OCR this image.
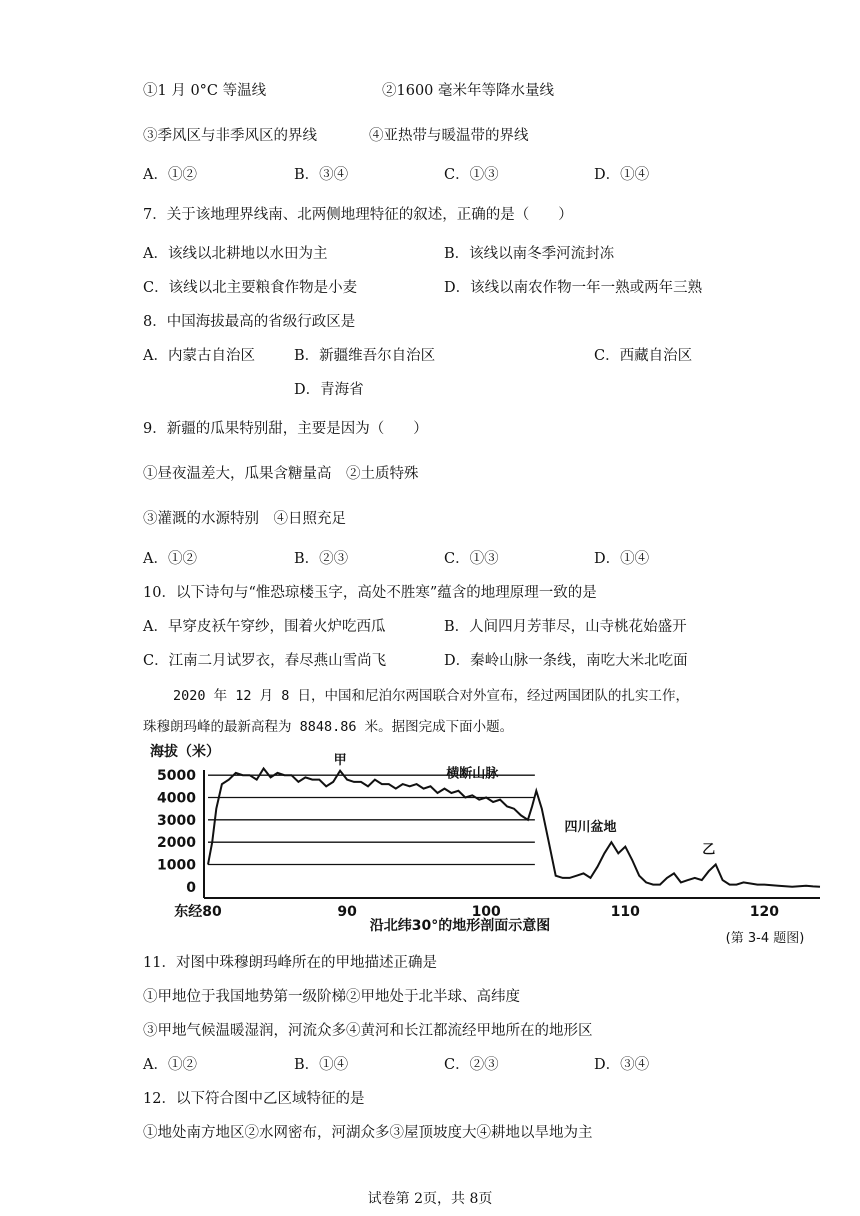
①1 月 0°C 等温线	②1600 毫米年等降水量线
③季风区与非季风区的界线	④亚热带与暖温带的界线
A．①②	B．③④	C．①③	D．①④
7．关于该地理界线南、北两侧地理特征的叙述，正确的是（　　）
A．该线以北耕地以水田为主	B．该线以南冬季河流封冻
C．该线以北主要粮食作物是小麦	D．该线以南农作物一年一熟或两年三熟
8．中国海拔最高的省级行政区是
A．内蒙古自治区	B．新疆维吾尔自治区	C．西藏自治区
D．青海省
9．新疆的瓜果特别甜，主要是因为（　　）
①昼夜温差大，瓜果含糖量高　②土质特殊
③灌溉的水源特别　④日照充足
A．①②	B．②③	C．①③	D．①④
10．以下诗句与“惟恐琼楼玉字，高处不胜寒”蕴含的地理原理一致的是
A．早穿皮袄午穿纱，围着火炉吃西瓜	B．人间四月芳菲尽，山寺桃花始盛开
C．江南二月试罗衣，春尽燕山雪尚飞	D．秦岭山脉一条线，南吃大米北吃面
2020 年 12 月 8 日，中国和尼泊尔两国联合对外宣布，经过两国团队的扎实工作，
珠穆朗玛峰的最新高程为 8848.86 米。据图完成下面小题。
0
1000
2000
3000
4000
5000
东经80	90	100	110	120
甲
横断山脉
四川盆地
乙
海拔（米）
沿北纬30°的地形剖面示意图
(第 3-4 题图)
11．对图中珠穆朗玛峰所在的甲地描述正确是
①甲地位于我国地势第一级阶梯②甲地处于北半球、高纬度
③甲地气候温暖湿润，河流众多④黄河和长江都流经甲地所在的地形区
A．①②	B．①④	C．②③	D．③④
12．以下符合图中乙区域特征的是
①地处南方地区②水网密布，河湖众多③屋顶坡度大④耕地以旱地为主
试卷第 2页，共 8页
